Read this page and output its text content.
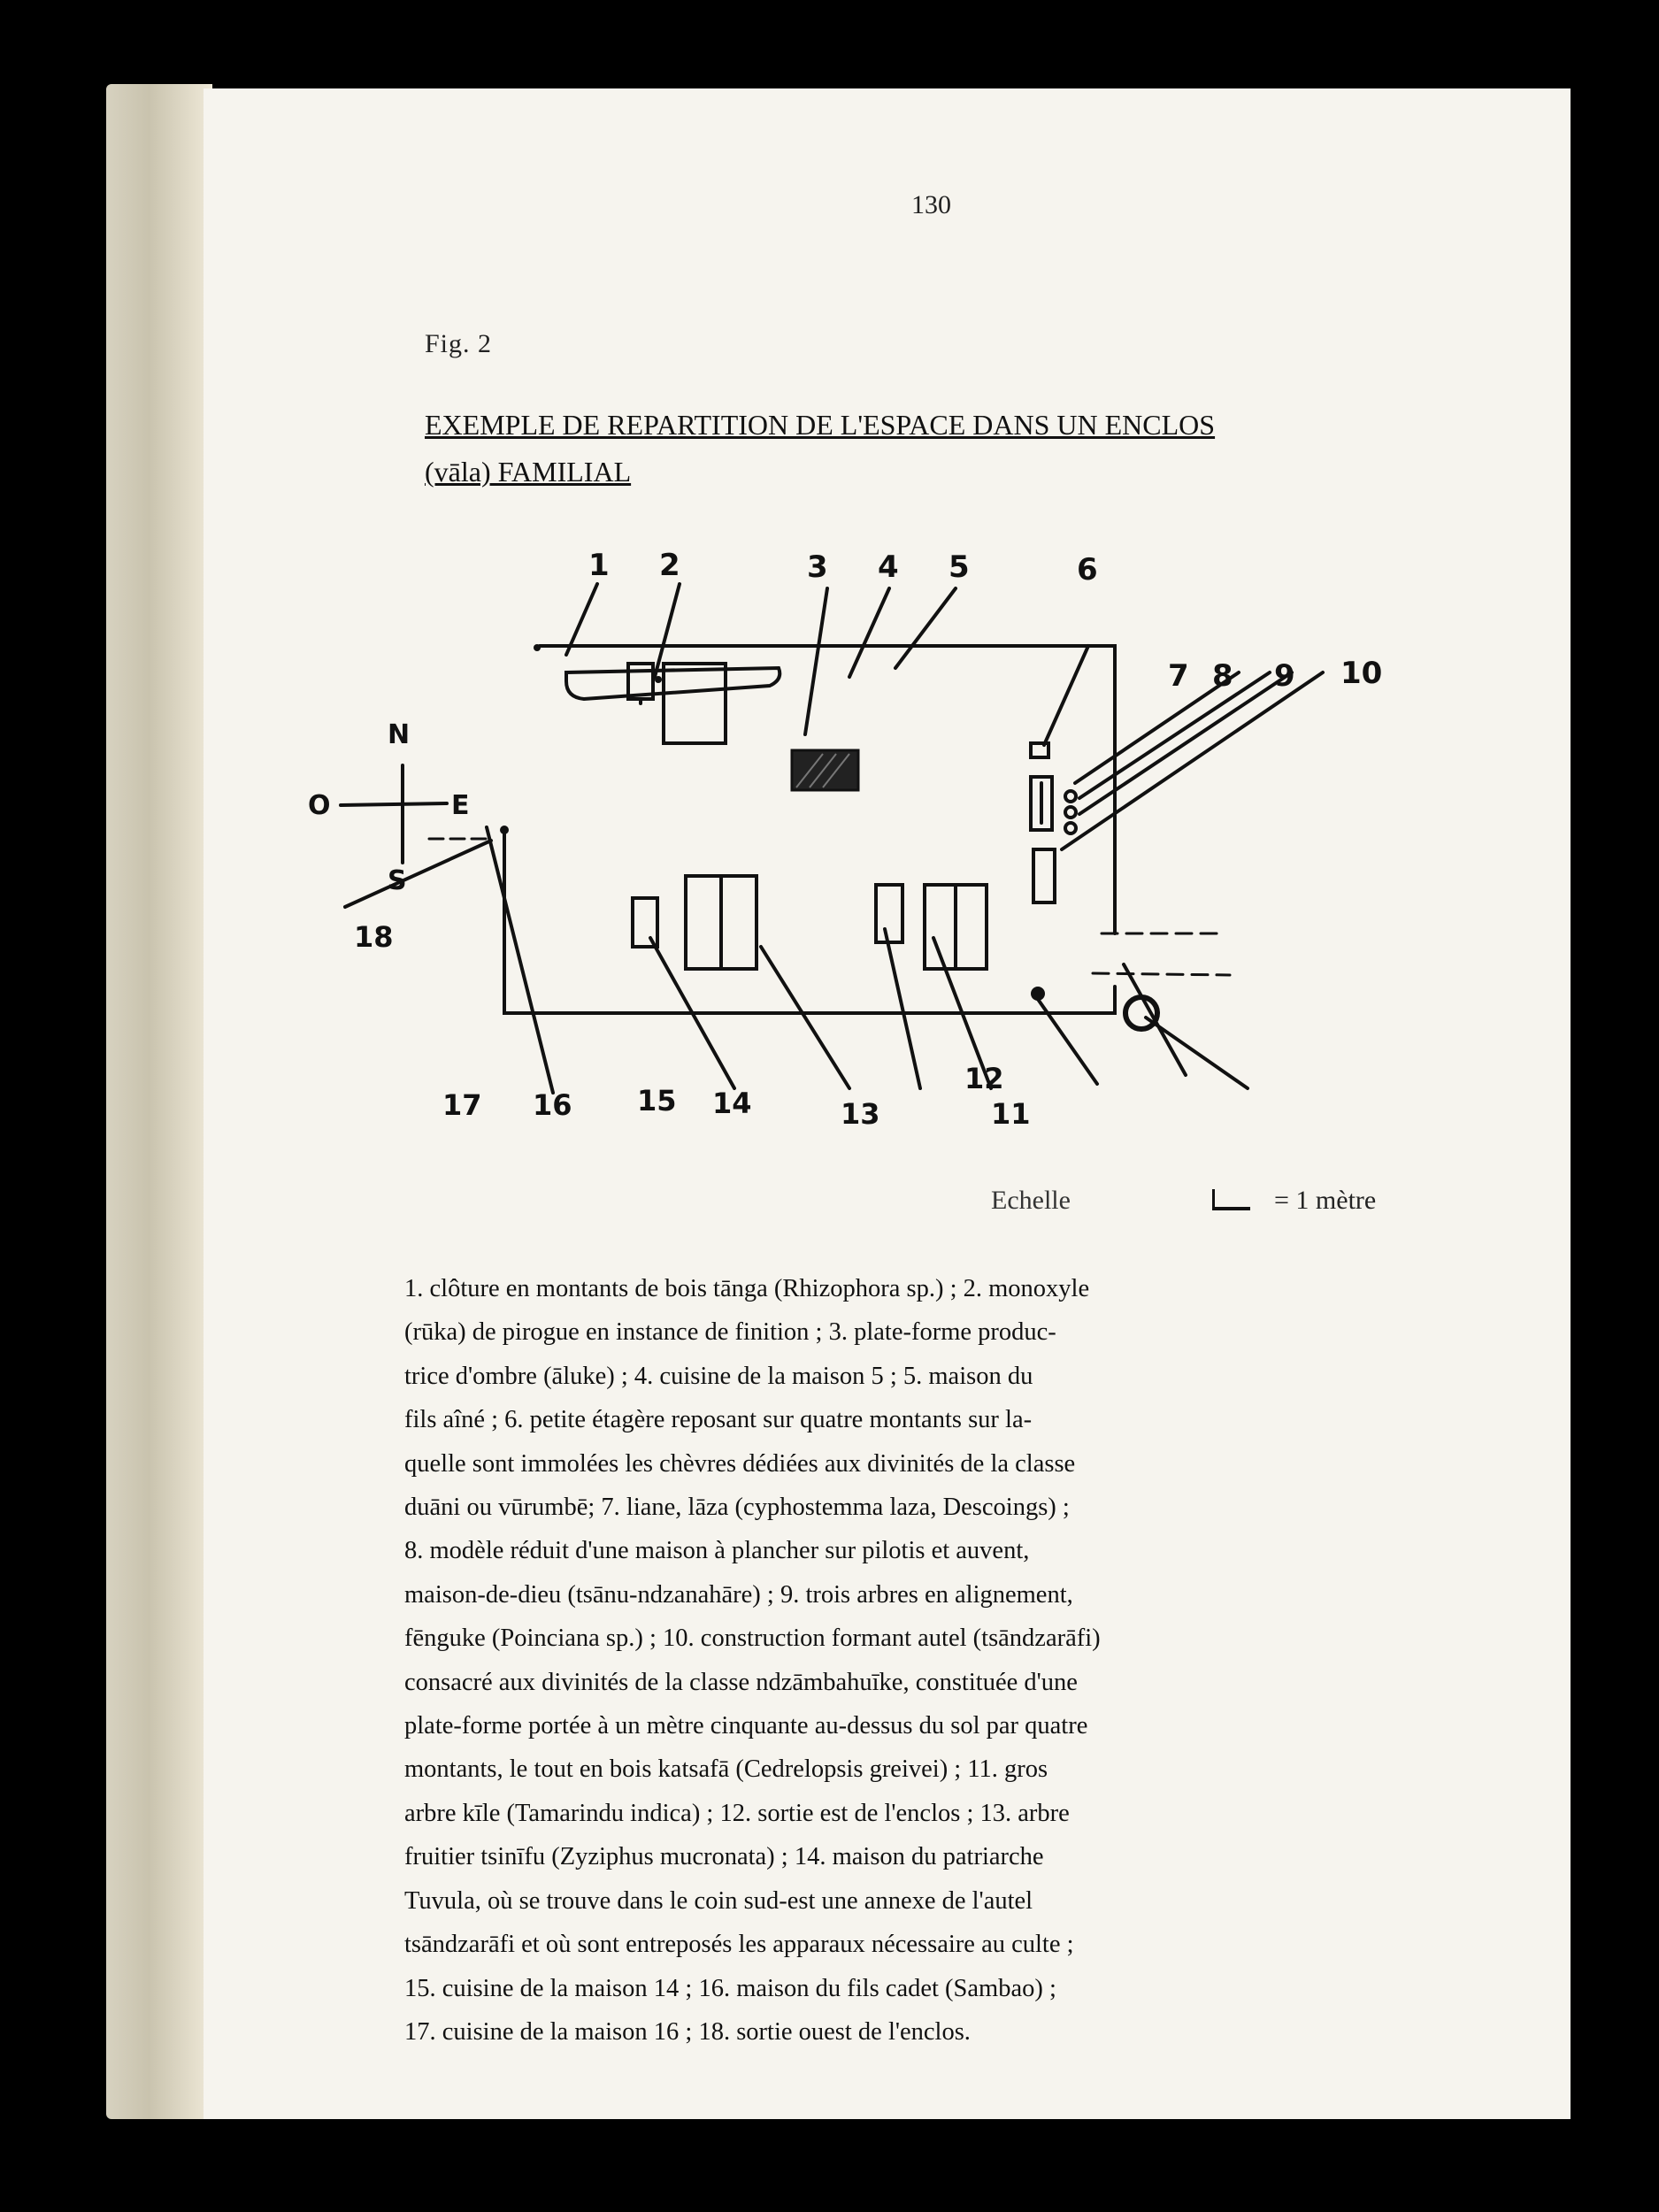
130
Fig. 2
EXEMPLE DE REPARTITION DE L'ESPACE DANS UN ENCLOS
(vāla) FAMILIAL
N
S
E
O
1 2	3 4 5	6
7 8 9 10
11
12
13
14
15
16
17
18
Echelle	= 1 mètre

1. clôture en montants de bois tānga (Rhizophora sp.) ; 2. monoxyle

(rūka) de pirogue en instance de finition ; 3. plate-forme produc-

trice d'ombre (āluke) ; 4. cuisine de la maison 5 ; 5. maison du

fils aîné ; 6. petite étagère reposant sur quatre montants sur la-

quelle sont immolées les chèvres dédiées aux divinités de la classe

duāni ou vūrumbē; 7. liane, lāza (cyphostemma laza, Descoings) ;

8. modèle réduit d'une maison à plancher sur pilotis et auvent,

maison-de-dieu (tsānu-ndzanahāre) ; 9. trois arbres en alignement,

fēnguke (Poinciana sp.) ; 10. construction formant autel (tsāndzarāfi)

consacré aux divinités de la classe ndzāmbahuīke, constituée d'une

plate-forme portée à un mètre cinquante au-dessus du sol par quatre

montants, le tout en bois katsafā (Cedrelopsis greivei) ; 11. gros

arbre kīle (Tamarindu indica) ; 12. sortie est de l'enclos ; 13. arbre

fruitier tsinīfu (Zyziphus mucronata) ; 14. maison du patriarche

Tuvula, où se trouve dans le coin sud-est une annexe de l'autel

tsāndzarāfi et où sont entreposés les apparaux nécessaire au culte ;

15. cuisine de la maison 14 ; 16. maison du fils cadet (Sambao) ;

17. cuisine de la maison 16 ; 18. sortie ouest de l'enclos.
